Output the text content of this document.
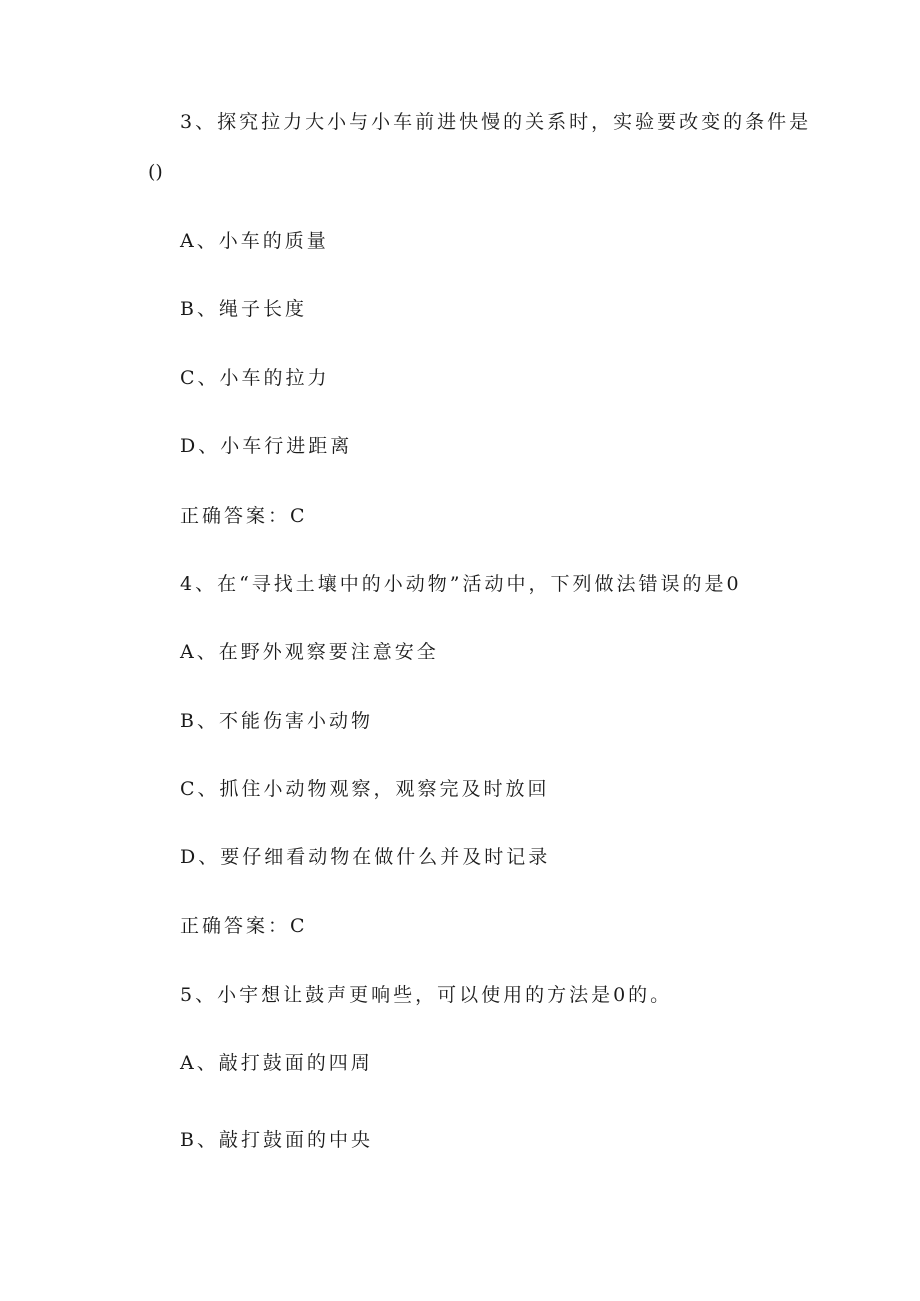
3、探究拉力大小与小车前进快慢的关系时，实验要改变的条件是
()
A、小车的质量
B、绳子长度
C、小车的拉力
D、小车行进距离
正确答案：C
4、在“寻找土壤中的小动物”活动中，下列做法错误的是0
A、在野外观察要注意安全
B、不能伤害小动物
C、抓住小动物观察，观察完及时放回
D、要仔细看动物在做什么并及时记录
正确答案：C
5、小宇想让鼓声更响些，可以使用的方法是0的。
A、敲打鼓面的四周
B、敲打鼓面的中央
